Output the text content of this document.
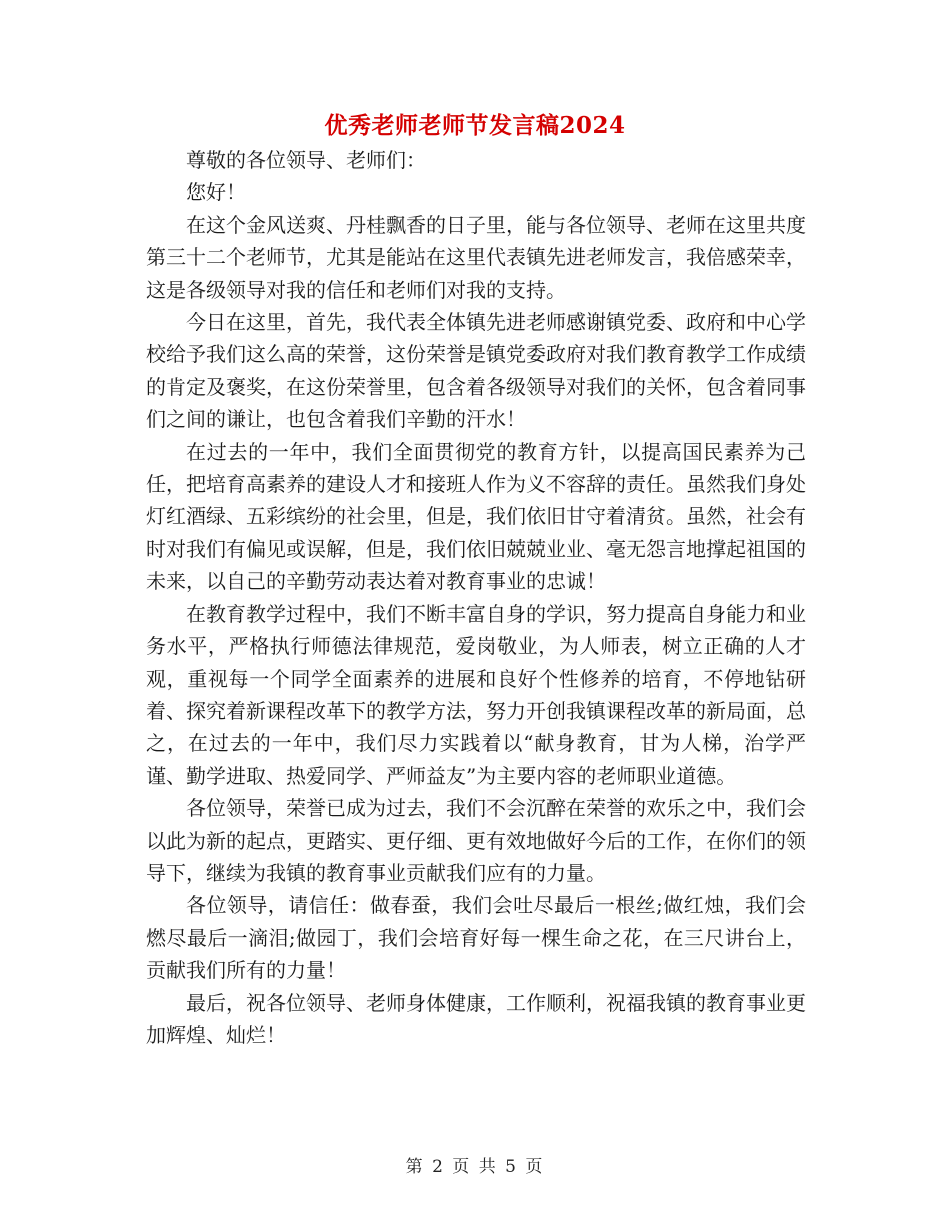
优秀老师老师节发言稿2024

尊敬的各位领导、老师们：

您好！

在这个金风送爽、丹桂飘香的日子里，能与各位领导、老师在这里共度第三十二个老师节，尤其是能站在这里代表镇先进老师发言，我倍感荣幸，这是各级领导对我的信任和老师们对我的支持。

今日在这里，首先，我代表全体镇先进老师感谢镇党委、政府和中心学校给予我们这么高的荣誉，这份荣誉是镇党委政府对我们教育教学工作成绩的肯定及褒奖，在这份荣誉里，包含着各级领导对我们的关怀，包含着同事们之间的谦让，也包含着我们辛勤的汗水！

在过去的一年中，我们全面贯彻党的教育方针，以提高国民素养为己任，把培育高素养的建设人才和接班人作为义不容辞的责任。虽然我们身处灯红酒绿、五彩缤纷的社会里，但是，我们依旧甘守着清贫。虽然，社会有时对我们有偏见或误解，但是，我们依旧兢兢业业、毫无怨言地撑起祖国的未来，以自己的辛勤劳动表达着对教育事业的忠诚！

在教育教学过程中，我们不断丰富自身的学识，努力提高自身能力和业务水平，严格执行师德法律规范，爱岗敬业，为人师表，树立正确的人才观，重视每一个同学全面素养的进展和良好个性修养的培育，不停地钻研着、探究着新课程改革下的教学方法，努力开创我镇课程改革的新局面，总之，在过去的一年中，我们尽力实践着以“献身教育，甘为人梯，治学严谨、勤学进取、热爱同学、严师益友”为主要内容的老师职业道德。

各位领导，荣誉已成为过去，我们不会沉醉在荣誉的欢乐之中，我们会以此为新的起点，更踏实、更仔细、更有效地做好今后的工作，在你们的领导下，继续为我镇的教育事业贡献我们应有的力量。

各位领导，请信任：做春蚕，我们会吐尽最后一根丝;做红烛，我们会燃尽最后一滴泪;做园丁，我们会培育好每一棵生命之花，在三尺讲台上，贡献我们所有的力量！

最后，祝各位领导、老师身体健康，工作顺利，祝福我镇的教育事业更加辉煌、灿烂！

第 2 页 共 5 页
